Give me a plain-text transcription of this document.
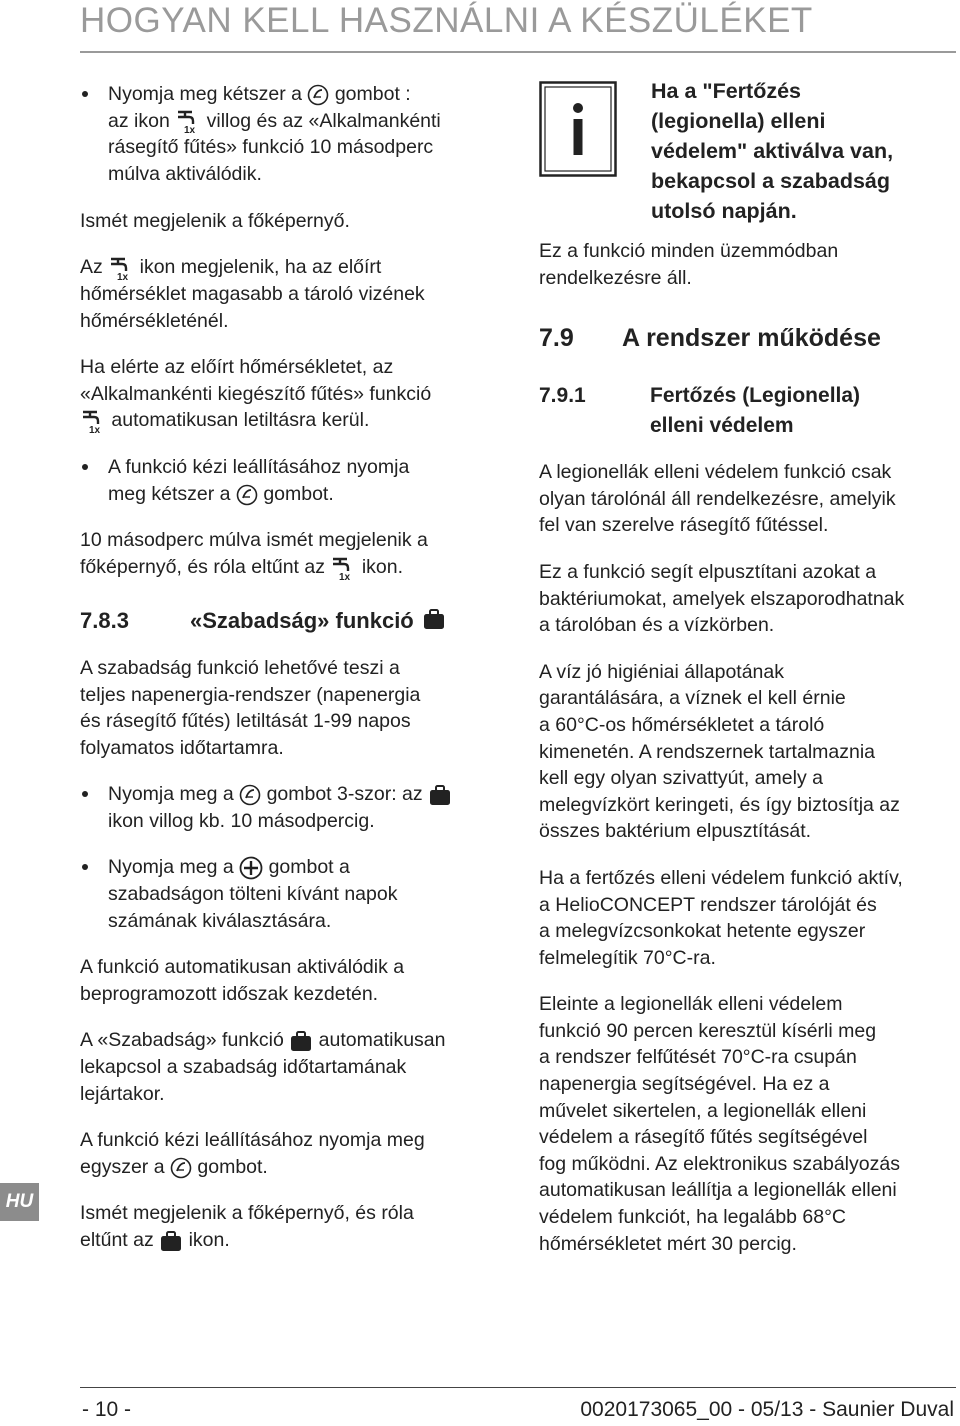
HOGYAN KELL HASZNÁLNI A KÉSZÜLÉKET
HU

Nyomja meg kétszer a gombot :

az ikon 1x villog és az «Alkalmankénti

rásegítő fűtés» funkció 10 másodperc

múlva aktiválódik.

Ismét megjelenik a főképernyő.

Az 1x ikon megjelenik, ha az előírt

hőmérséklet magasabb a tároló vizének

hőmérsékleténél.

Ha elérte az előírt hőmérsékletet, az

«Alkalmankénti kiegészítő fűtés» funkció

1x automatikusan letiltásra kerül.

A funkció kézi leállításához nyomja

meg kétszer a gombot.

10 másodperc múlva ismét megjelenik a

főképernyő, és róla eltűnt az 1x ikon.

7.8.3	«Szabadság» funkció

A szabadság funkció lehetővé teszi a

teljes napenergia-rendszer (napenergia

és rásegítő fűtés) letiltását 1-99 napos

folyamatos időtartamra.

Nyomja meg a gombot 3-szor: az

ikon villog kb. 10 másodpercig.

Nyomja meg a gombot a

szabadságon tölteni kívánt napok

számának kiválasztására.

A funkció automatikusan aktiválódik a

beprogramozott időszak kezdetén.

A «Szabadság» funkció automatikusan

lekapcsol a szabadság időtartamának

lejártakor.

A funkció kézi leállításához nyomja meg

egyszer a gombot.

Ismét megjelenik a főképernyő, és róla

eltűnt az ikon.

Ha a "Fertőzés

(legionella) elleni

védelem" aktiválva van,

bekapcsol a szabadság

utolsó napján.

Ez a funkció minden üzemmódban

rendelkezésre áll.

7.9	A rendszer működése
7.9.1	Fertőzés (Legionella)
elleni védelem

A legionellák elleni védelem funkció csak

olyan tárolónál áll rendelkezésre, amelyik

fel van szerelve rásegítő fűtéssel.

Ez a funkció segít elpusztítani azokat a

baktériumokat, amelyek elszaporodhatnak

a tárolóban és a vízkörben.

A víz jó higiéniai állapotának

garantálására, a víznek el kell érnie

a 60°C-os hőmérsékletet a tároló

kimenetén. A rendszernek tartalmaznia

kell egy olyan szivattyút, amely a

melegvízkört keringeti, és így biztosítja az

összes baktérium elpusztítását.

Ha a fertőzés elleni védelem funkció aktív,

a HelioCONCEPT rendszer tárolóját és

a melegvízcsonkokat hetente egyszer

felmelegítik 70°C-ra.

Eleinte a legionellák elleni védelem

funkció 90 percen keresztül kísérli meg

a rendszer felfűtését 70°C-ra csupán

napenergia segítségével. Ha ez a

művelet sikertelen, a legionellák elleni

védelem a rásegítő fűtés segítségével

fog működni. Az elektronikus szabályozás

automatikusan leállítja a legionellák elleni

védelem funkciót, ha legalább 68°C

hőmérsékletet mért 30 percig.

- 10 -	0020173065_00 - 05/13 - Saunier Duval
